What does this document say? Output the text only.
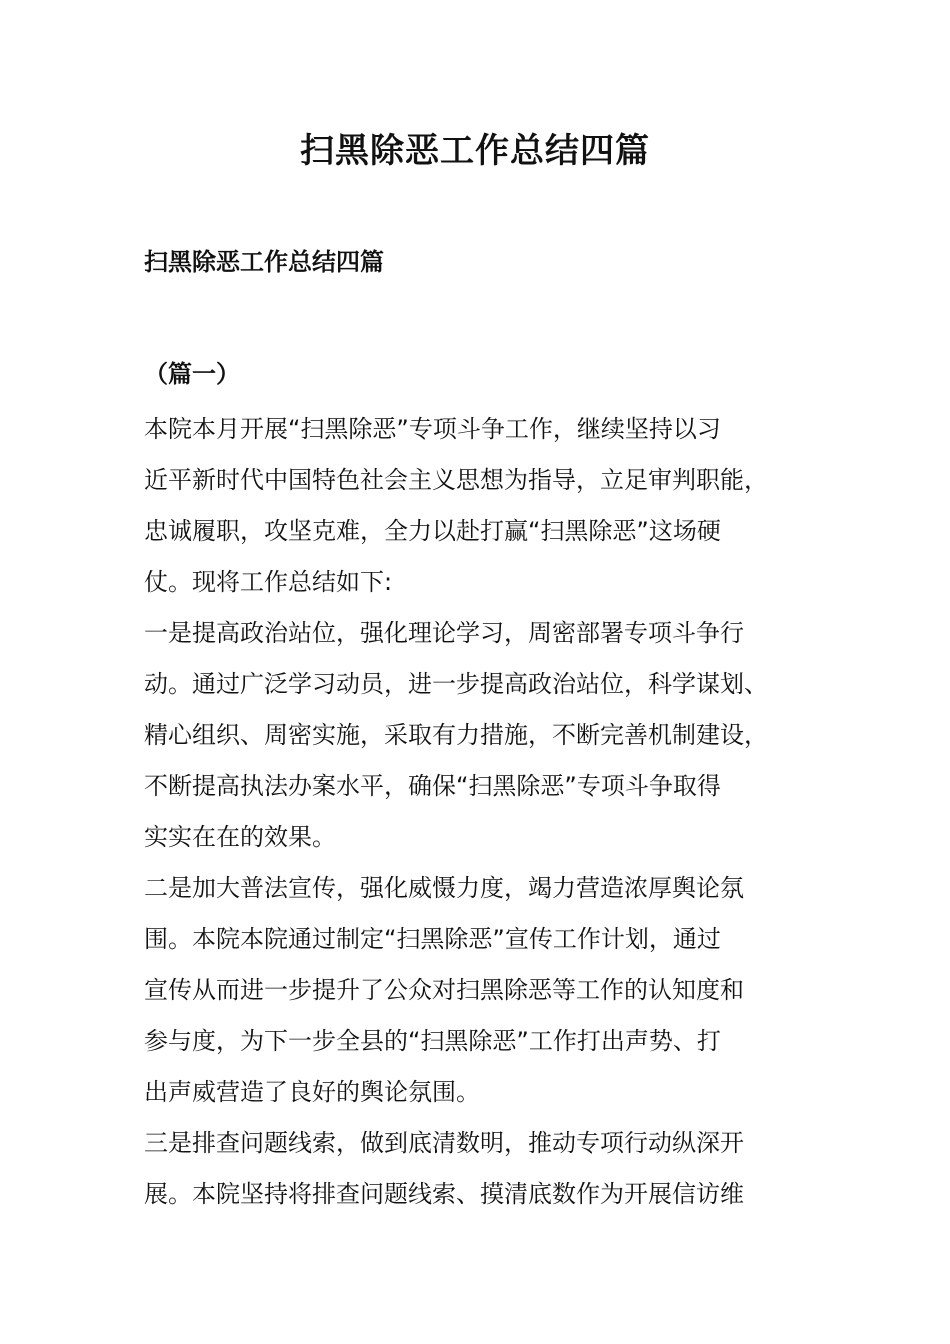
扫黑除恶工作总结四篇
扫黑除恶工作总结四篇
（篇一）
本院本月开展“扫黑除恶”专项斗争工作，继续坚持以习
近平新时代中国特色社会主义思想为指导，立足审判职能，
忠诚履职，攻坚克难，全力以赴打赢“扫黑除恶”这场硬
仗。现将工作总结如下:
一是提高政治站位，强化理论学习，周密部署专项斗争行
动。通过广泛学习动员，进一步提高政治站位，科学谋划、
精心组织、周密实施，采取有力措施，不断完善机制建设，
不断提高执法办案水平，确保“扫黑除恶”专项斗争取得
实实在在的效果。
二是加大普法宣传，强化威慑力度，竭力营造浓厚舆论氛
围。本院本院通过制定“扫黑除恶”宣传工作计划，通过
宣传从而进一步提升了公众对扫黑除恶等工作的认知度和
参与度，为下一步全县的“扫黑除恶”工作打出声势、打
出声威营造了良好的舆论氛围。
三是排查问题线索，做到底清数明，推动专项行动纵深开
展。本院坚持将排查问题线索、摸清底数作为开展信访维
